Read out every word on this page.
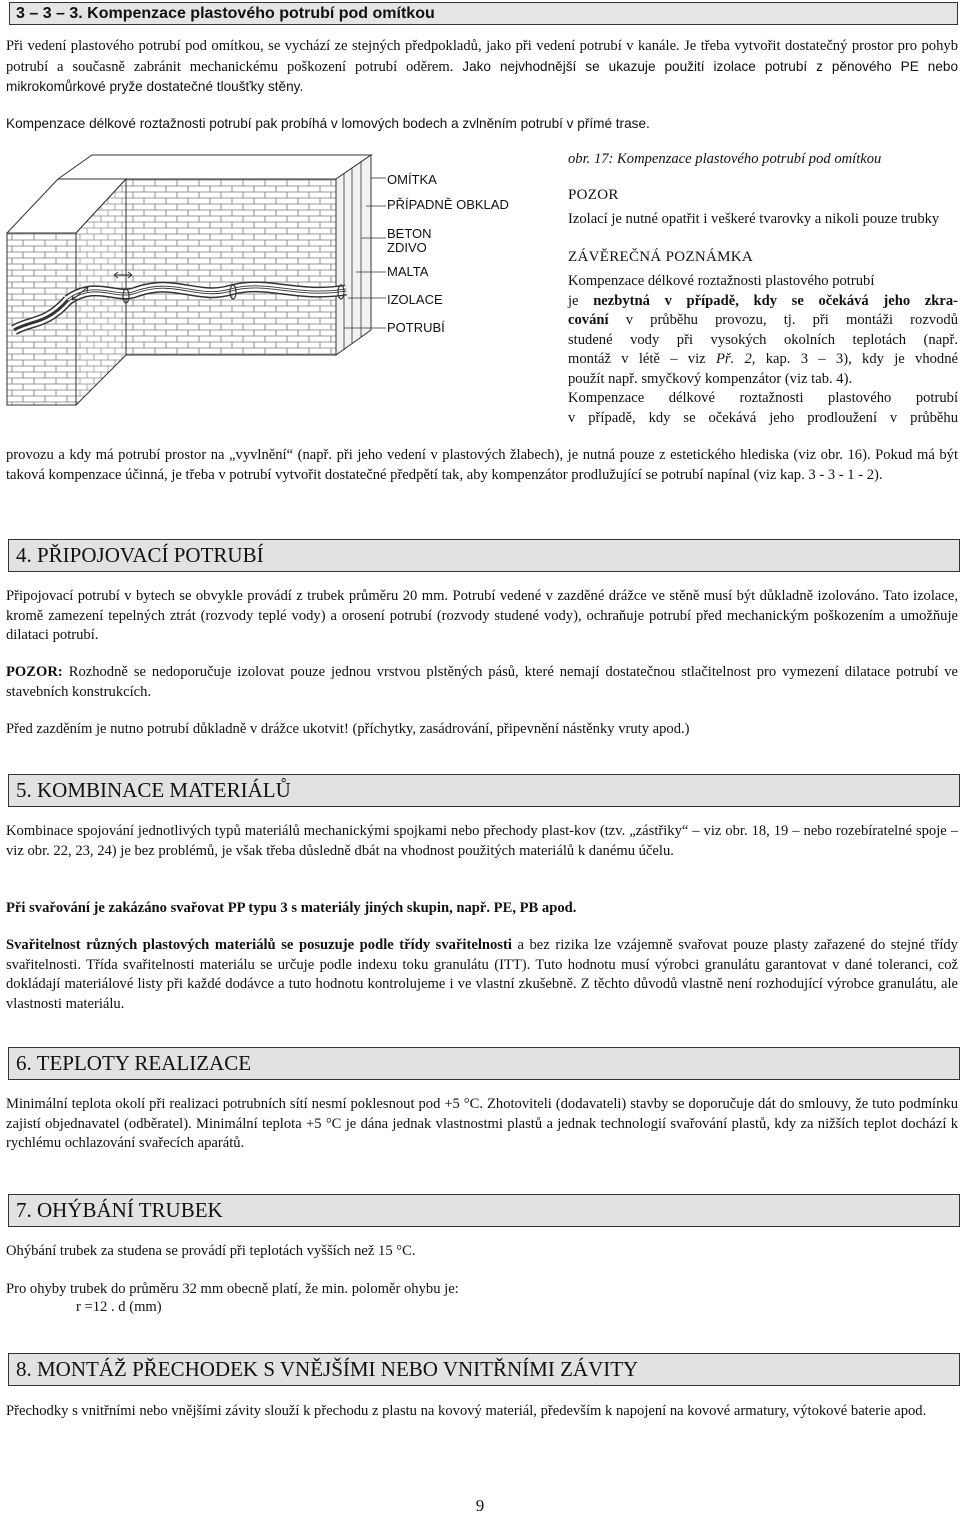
3 – 3 – 3. Kompenzace plastového potrubí pod omítkou

Při vedení plastového potrubí pod omítkou, se vychází ze stejných předpokladů, jako při vedení potrubí v kanále. Je třeba vytvořit dostatečný prostor pro pohyb potrubí a současně zabránit mechanickému poškození potrubí oděrem. Jako nejvhodnější se ukazuje použití izolace potrubí z pěnového PE nebo mikrokomůrkové pryže dostatečné tloušťky stěny.

Kompenzace délkové roztažnosti potrubí pak probíhá v lomových bodech a zvlněním potrubí v přímé trase.

OMÍTKA
PŘÍPADNĚ OBKLAD
BETON
ZDIVO
MALTA
IZOLACE
POTRUBÍ

obr. 17: Kompenzace plastového potrubí pod omítkou

POZOR

Izolací je nutné opatřit i veškeré tvarovky a nikoli pouze trubky

ZÁVĚREČNÁ POZNÁMKA

Kompenzace délkové roztažnosti plastového potrubí

je nezbytná v případě, kdy se očekává jeho zkra-

cování v průběhu provozu, tj. při montáži rozvodů

studené vody při vysokých okolních teplotách (např.

montáž v létě – viz Př. 2, kap. 3 – 3), kdy je vhodné

použít např. smyčkový kompenzátor (viz tab. 4).

Kompenzace délkové roztažnosti plastového potrubí

v případě, kdy se očekává jeho prodloužení v průběhu

provozu a kdy má potrubí prostor na „vyvlnění“ (např. při jeho vedení v plastových žlabech), je nutná pouze z estetického hlediska (viz obr. 16). Pokud má být taková kompenzace účinná, je třeba v potrubí vytvořit dostatečné předpětí tak, aby kompenzátor prodlužující se potrubí napínal (viz kap. 3 - 3 - 1 - 2).

4. PŘIPOJOVACÍ POTRUBÍ

Připojovací potrubí v bytech se obvykle provádí z trubek průměru 20 mm. Potrubí vedené v zazděné drážce ve stěně musí být důkladně izolováno. Tato izolace, kromě zamezení tepelných ztrát (rozvody teplé vody) a orosení potrubí (rozvody studené vody), ochraňuje potrubí před mechanickým poškozením a umožňuje dilataci potrubí.

POZOR: Rozhodně se nedoporučuje izolovat pouze jednou vrstvou plstěných pásů, které nemají dostatečnou stlačitelnost pro vymezení dilatace potrubí ve stavebních konstrukcích.

Před zazděním je nutno potrubí důkladně v drážce ukotvit! (příchytky, zasádrování, připevnění nástěnky vruty apod.)

5. KOMBINACE MATERIÁLŮ

Kombinace spojování jednotlivých typů materiálů mechanickými spojkami nebo přechody plast-kov (tzv. „zástřiky“ – viz obr. 18, 19 – nebo rozebíratelné spoje – viz obr. 22, 23, 24) je bez problémů, je však třeba důsledně dbát na vhodnost použitých materiálů k danému účelu.

Při svařování je zakázáno svařovat PP typu 3 s materiály jiných skupin, např. PE, PB apod.

Svařitelnost různých plastových materiálů se posuzuje podle třídy svařitelnosti a bez rizika lze vzájemně svařovat pouze plasty zařazené do stejné třídy svařitelnosti. Třída svařitelnosti materiálu se určuje podle indexu toku granulátu (ITT). Tuto hodnotu musí výrobci granulátu garantovat v dané toleranci, což dokládají materiálové listy při každé dodávce a tuto hodnotu kontrolujeme i ve vlastní zkušebně. Z těchto důvodů vlastně není rozhodující výrobce granulátu, ale vlastnosti materiálu.

6. TEPLOTY REALIZACE

Minimální teplota okolí při realizaci potrubních sítí nesmí poklesnout pod +5 °C. Zhotoviteli (dodavateli) stavby se doporučuje dát do smlouvy, že tuto podmínku zajistí objednavatel (odběratel). Minimální teplota +5 °C je dána jednak vlastnostmi plastů a jednak technologií svařování plastů, kdy za nižších teplot dochází k rychlému ochlazování svařecích aparátů.

7. OHÝBÁNÍ TRUBEK

Ohýbání trubek za studena se provádí při teplotách vyšších než 15 °C.

Pro ohyby trubek do průměru 32 mm obecně platí, že min. poloměr ohybu je:

r =12 . d (mm)

8. MONTÁŽ PŘECHODEK S VNĚJŠÍMI NEBO VNITŘNÍMI ZÁVITY

Přechodky s vnitřními nebo vnějšími závity slouží k přechodu z plastu na kovový materiál, především k napojení na kovové armatury, výtokové baterie apod.

9
